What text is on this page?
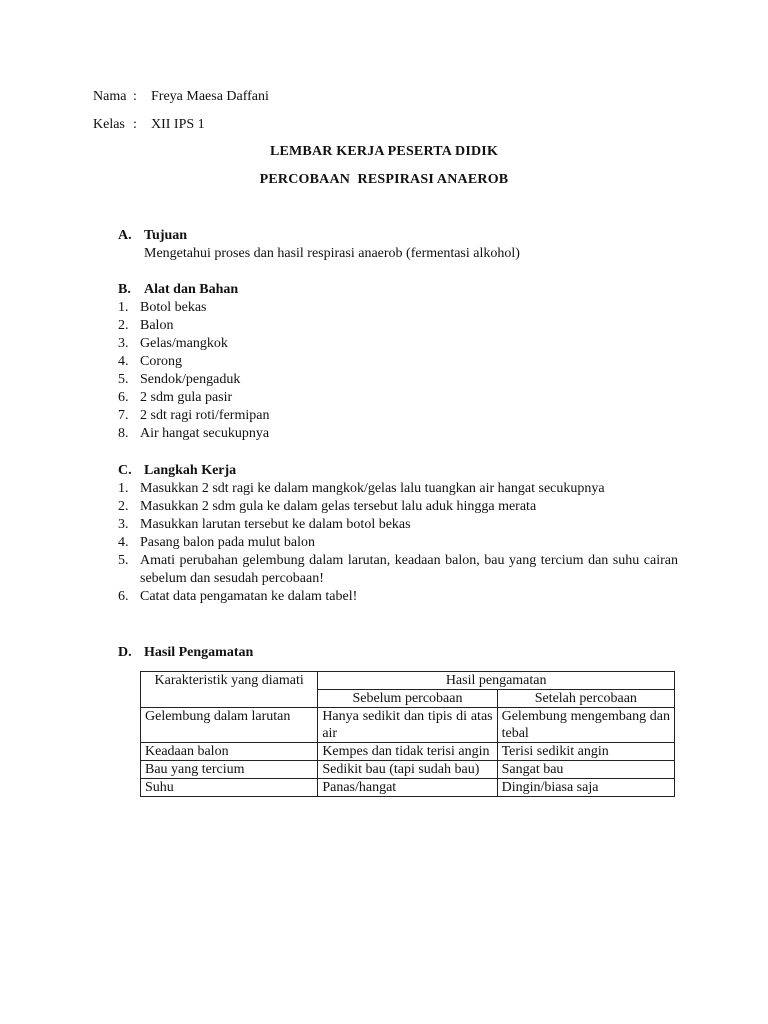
Nama :	Freya Maesa Daffani
Kelas :	XII IPS 1
LEMBAR KERJA PESERTA DIDIK
PERCOBAAN  RESPIRASI ANAEROB
A. Tujuan
Mengetahui proses dan hasil respirasi anaerob (fermentasi alkohol)
B. Alat dan Bahan
1. Botol bekas
2. Balon
3. Gelas/mangkok
4. Corong
5. Sendok/pengaduk
6. 2 sdm gula pasir
7. 2 sdt ragi roti/fermipan
8. Air hangat secukupnya
C. Langkah Kerja
1. Masukkan 2 sdt ragi ke dalam mangkok/gelas lalu tuangkan air hangat secukupnya
2. Masukkan 2 sdm gula ke dalam gelas tersebut lalu aduk hingga merata
3. Masukkan larutan tersebut ke dalam botol bekas
4. Pasang balon pada mulut balon
5. Amati perubahan gelembung dalam larutan, keadaan balon, bau yang tercium dan suhu cairan sebelum dan sesudah percobaan!
6. Catat data pengamatan ke dalam tabel!
D. Hasil Pengamatan
Karakteristik yang diamati	Hasil pengamatan	
	Sebelum percobaan	Setelah percobaan
Gelembung dalam larutan	Hanya sedikit dan tipis di atas air	Gelembung mengembang dan tebal
Keadaan balon	Kempes dan tidak terisi angin	Terisi sedikit angin
Bau yang tercium	Sedikit bau (tapi sudah bau)	Sangat bau
Suhu	Panas/hangat	Dingin/biasa saja
